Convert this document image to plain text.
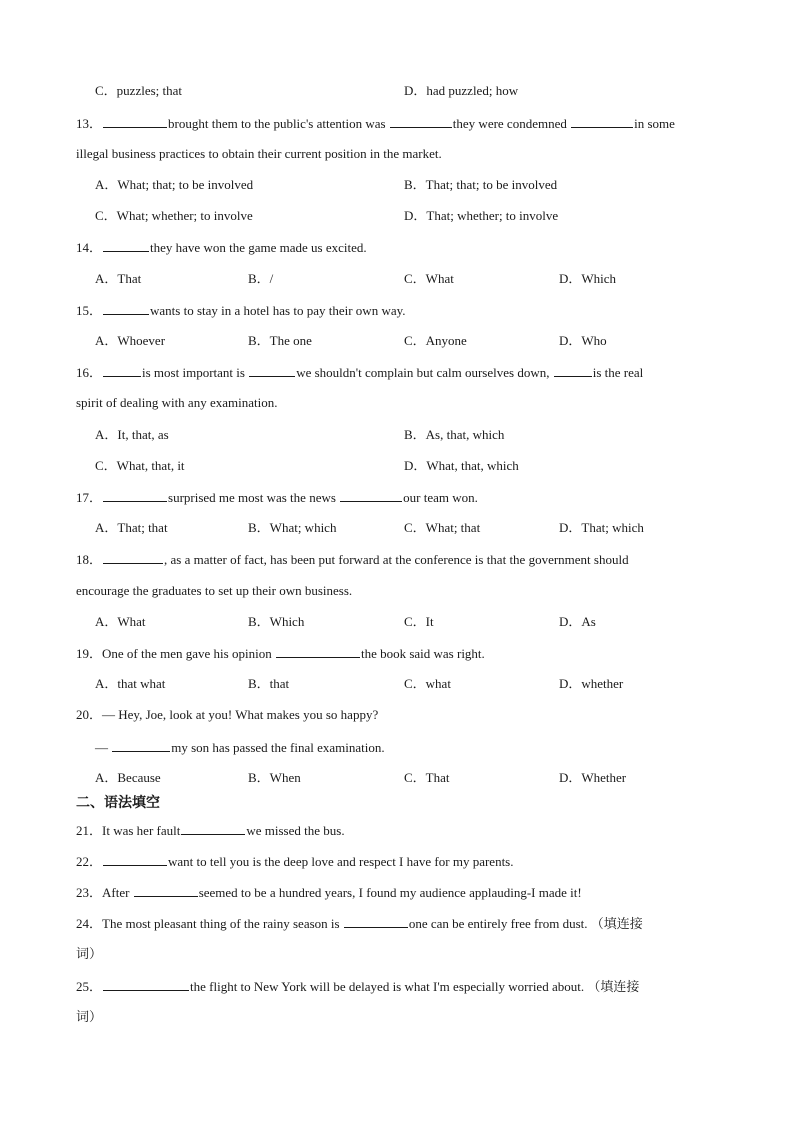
C．puzzles; that	D．had puzzled; how
13．	brought them to the public's attention was	they were condemned	in some
illegal business practices to obtain their current position in the market.
A．What; that; to be involved	B．That; that; to be involved
C．What; whether; to involve	D．That; whether; to involve
14．	they have won the game made us excited.
A．That	B．/	C．What	D．Which
15．	wants to stay in a hotel has to pay their own way.
A．Whoever	B．The one	C．Anyone	D．Who
16．	is most important is	we shouldn't complain but calm ourselves down,	is the real
spirit of dealing with any examination.
A．It, that, as	B．As, that, which
C．What, that, it	D．What, that, which
17．	surprised me most was the news	our team won.
A．That; that	B．What; which	C．What; that	D．That; which
18．	, as a matter of fact, has been put forward at the conference is that the government should
encourage the graduates to set up their own business.
A．What	B．Which	C．It	D．As
19．One of the men gave his opinion	the book said was right.
A．that what	B．that	C．what	D．whether
20．— Hey, Joe, look at you! What makes you so happy?
—	my son has passed the final examination.
A．Because	B．When	C．That	D．Whether
二、语法填空
21．It was her fault	we missed the bus.
22．	want to tell you is the deep love and respect I have for my parents.
23．After	seemed to be a hundred years, I found my audience applauding-I made it!
24．The most pleasant thing of the rainy season is	one can be entirely free from dust. （填连接
词）
25．	the flight to New York will be delayed is what I'm especially worried about. （填连接
词）
